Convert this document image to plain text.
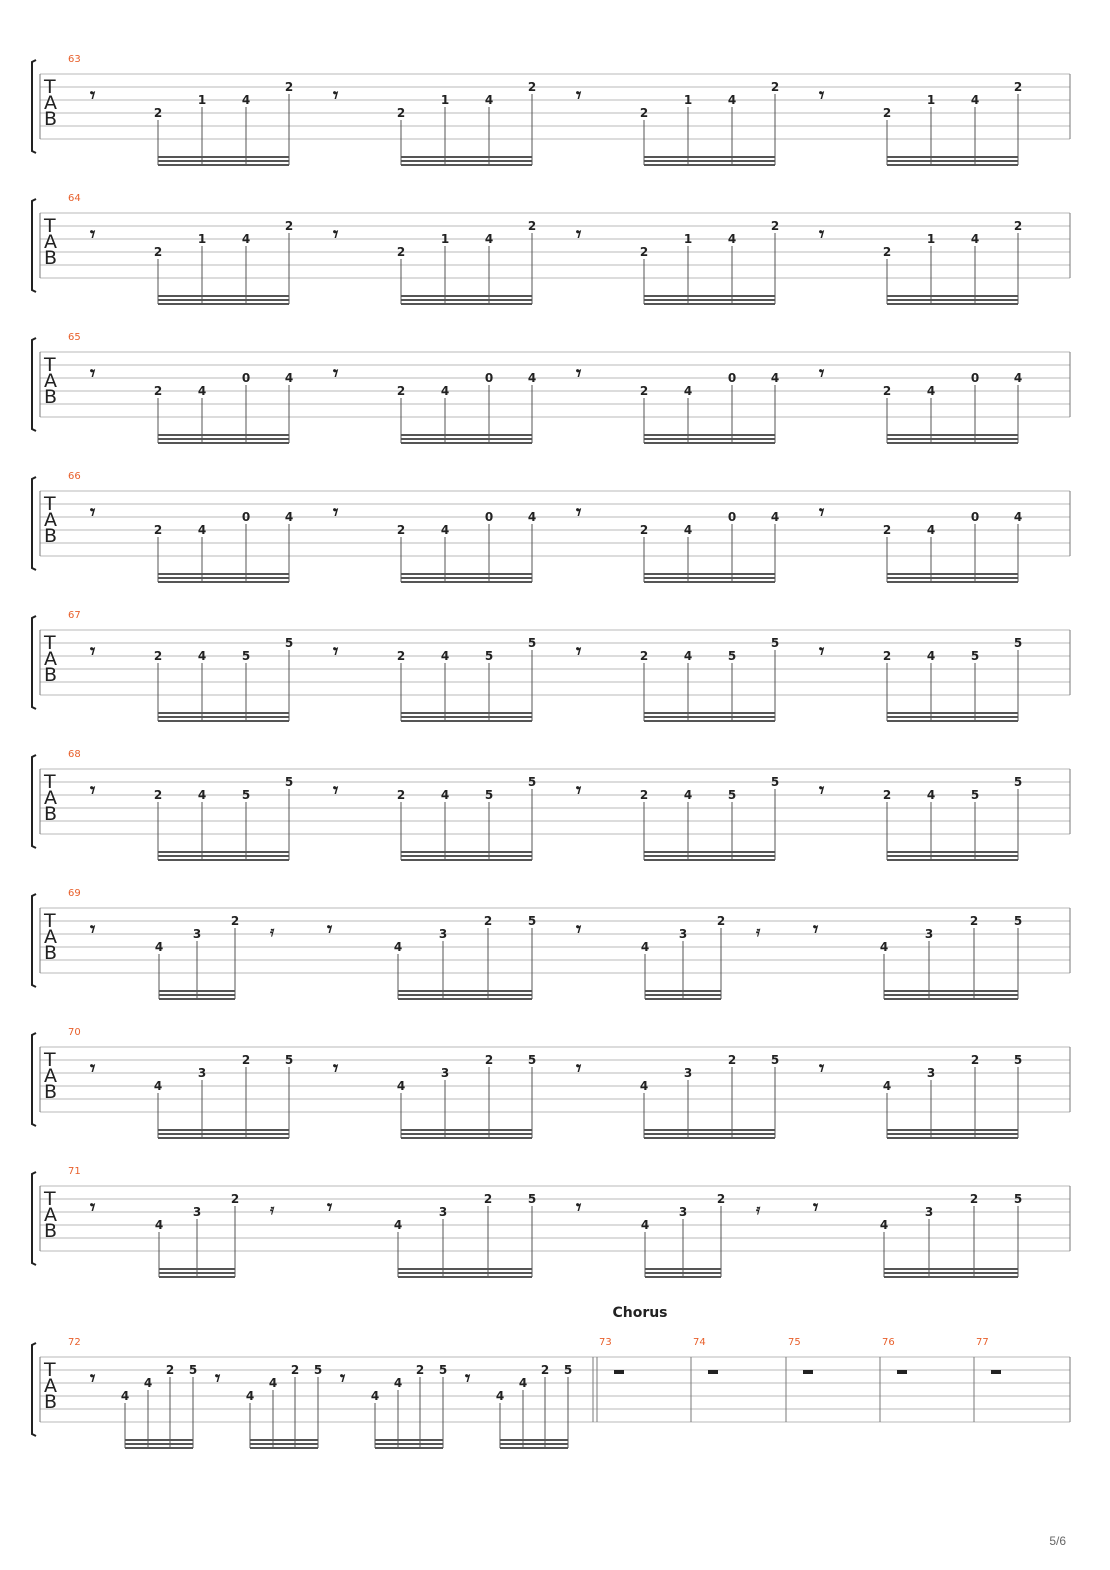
63
T
A
B
𝄾
2
1	4
2 𝄾
2
1	4
2 𝄾
2
1	4
2 𝄾
2
1	4
2
64
T
A
B
𝄾
2
1	4
2 𝄾
2
1	4
2 𝄾
2
1	4
2 𝄾
2
1	4
2
65
T
A
B
𝄾
2	4
0	4 𝄾
2	4
0	4 𝄾
2	4
0	4 𝄾
2	4
0	4
66
T
A
B
𝄾
2	4
0	4 𝄾
2	4
0	4 𝄾
2	4
0	4 𝄾
2	4
0	4
67
T
A
B
𝄾	2	4	5
5 𝄾	2	4	5
5 𝄾	2	4	5
5 𝄾	2	4	5
5
68
T
A
B
𝄾	2	4	5
5 𝄾	2	4	5
5 𝄾	2	4	5
5 𝄾	2	4	5
5
69
T
A
B
𝄾	𝄿
4
3
2	𝄾
4
3
2	5 𝄾	𝄿
4
3
2	𝄾
4
3
2	5
70
T
A
B
𝄾
4
3
2	5 𝄾
4
3
2	5 𝄾
4
3
2	5 𝄾
4
3
2	5
71
T
A
B
𝄾	𝄿
4
3
2	𝄾
4
3
2	5 𝄾	𝄿
4
3
2	𝄾
4
3
2	5
72
T
A
B
Chorus
𝄾
4
4
2 5 𝄾
4
4
2 5 𝄾
4
4
2 5 𝄾
4
4
2 5
73	74	75	76	77
5/6
